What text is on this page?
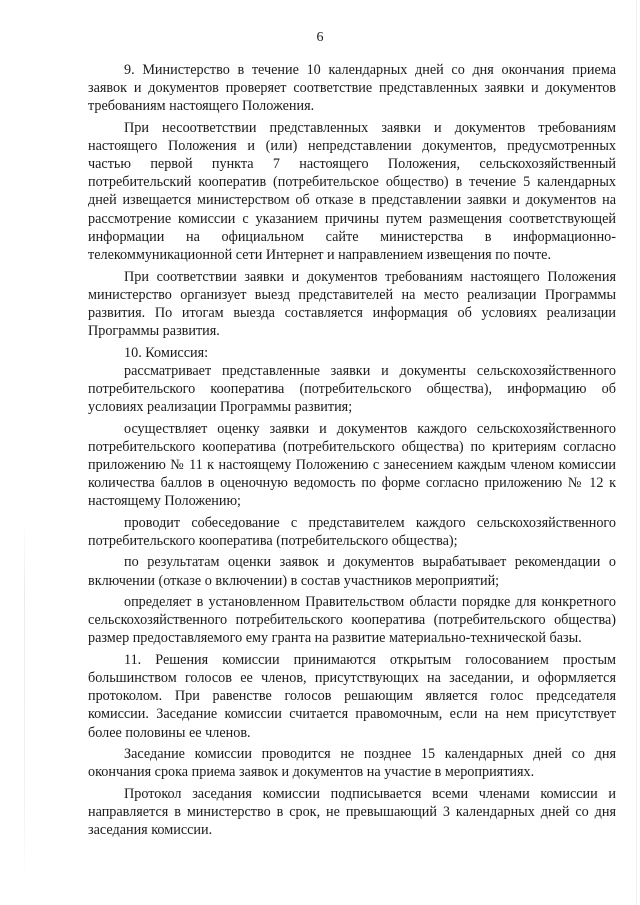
6

9. Министерство в течение 10 календарных дней со дня окончания приема заявок и документов проверяет соответствие представленных заявки и документов требованиям настоящего Положения.

При несоответствии представленных заявки и документов требованиям настоящего Положения и (или) непредставлении документов, предусмотренных частью первой пункта 7 настоящего Положения, сельскохозяйственный потребительский кооператив (потребительское общество) в течение 5 календарных дней извещается министерством об отказе в представлении заявки и документов на рассмотрение комиссии с указанием причины путем размещения соответствующей информации на официальном сайте министерства в информационно-телекоммуникационной сети Интернет и направлением извещения по почте.

При соответствии заявки и документов требованиям настоящего Положения министерство организует выезд представителей на место реализации Программы развития. По итогам выезда составляется информация об условиях реализации Программы развития.

10. Комиссия:

рассматривает представленные заявки и документы сельскохозяйственного потребительского кооператива (потребительского общества), информацию об условиях реализации Программы развития;

осуществляет оценку заявки и документов каждого сельскохозяйственного потребительского кооператива (потребительского общества) по критериям согласно приложению № 11 к настоящему Положению с занесением каждым членом комиссии количества баллов в оценочную ведомость по форме согласно приложению № 12 к настоящему Положению;

проводит собеседование с представителем каждого сельскохозяйственного потребительского кооператива (потребительского общества);

по результатам оценки заявок и документов вырабатывает рекомендации о включении (отказе о включении) в состав участников мероприятий;

определяет в установленном Правительством области порядке для конкретного сельскохозяйственного потребительского кооператива (потребительского общества) размер предоставляемого ему гранта на развитие материально-технической базы.

11. Решения комиссии принимаются открытым голосованием простым большинством голосов ее членов, присутствующих на заседании, и оформляется протоколом. При равенстве голосов решающим является голос председателя комиссии. Заседание комиссии считается правомочным, если на нем присутствует более половины ее членов.

Заседание комиссии проводится не позднее 15 календарных дней со дня окончания срока приема заявок и документов на участие в мероприятиях.

Протокол заседания комиссии подписывается всеми членами комиссии и направляется в министерство в срок, не превышающий 3 календарных дней со дня заседания комиссии.
